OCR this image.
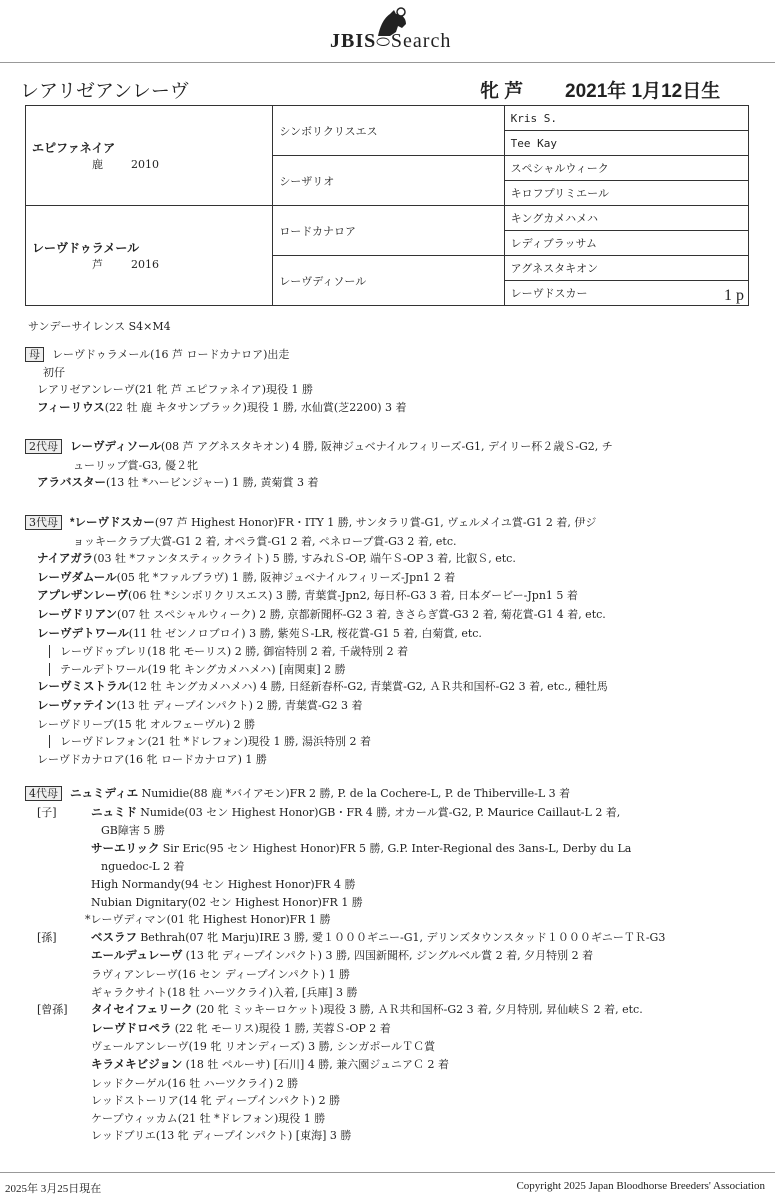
JBIS⬭Search
レアリゼアンレーヴ	牝 芦 2021年 1月12日生
エピファネイア
鹿 2010	シンボリクリスエス	Kris S.
		Tee Kay
	シーザリオ	スペシャルウィーク
		キロフプリミエール

レーヴドゥラメール
芦 2016	ロードカナロア	キングカメハメハ
		レディブラッサム
	レーヴディソール	アグネスタキオン
		レーヴドスカー 1 p
サンデーサイレンス S4×M4
母 レーヴドゥラメール(16 芦 ロードカナロア)出走
初仔
レアリゼアンレーヴ(21 牝 芦 エピファネイア)現役 1 勝
フィーリウス(22 牡 鹿 キタサンブラック)現役 1 勝, 水仙賞(芝2200) 3 着
2代母 レーヴディソール(08 芦 アグネスタキオン) 4 勝, 阪神ジュベナイルフィリーズ-G1, デイリー杯２歳Ｓ-G2, チ
ューリップ賞-G3, 優２牝
アラバスター(13 牡 *ハービンジャー) 1 勝, 黄菊賞 3 着
3代母 *レーヴドスカー(97 芦 Highest Honor)FR・ITY 1 勝, サンタラリ賞-G1, ヴェルメイユ賞-G1 2 着, 伊ジ
ョッキークラブ大賞-G1 2 着, オペラ賞-G1 2 着, ペネロープ賞-G3 2 着, etc.
ナイアガラ(03 牡 *ファンタスティックライト) 5 勝, すみれＳ-OP, 端午Ｓ-OP 3 着, 比叡Ｓ, etc.
レーヴダムール(05 牝 *ファルブラヴ) 1 勝, 阪神ジュベナイルフィリーズ-Jpn1 2 着
アプレザンレーヴ(06 牡 *シンボリクリスエス) 3 勝, 青葉賞-Jpn2, 毎日杯-G3 3 着, 日本ダービー-Jpn1 5 着
レーヴドリアン(07 牡 スペシャルウィーク) 2 勝, 京都新聞杯-G2 3 着, きさらぎ賞-G3 2 着, 菊花賞-G1 4 着, etc.
レーヴデトワール(11 牡 ゼンノロブロイ) 3 勝, 紫苑Ｓ-LR, 桜花賞-G1 5 着, 白菊賞, etc.
レーヴドゥプレリ(18 牝 モーリス) 2 勝, 御宿特別 2 着, 千歳特別 2 着
テールデトワール(19 牝 キングカメハメハ) [南関東] 2 勝
レーヴミストラル(12 牡 キングカメハメハ) 4 勝, 日経新春杯-G2, 青葉賞-G2, ＡＲ共和国杯-G2 3 着, etc., 種牡馬
レーヴァテイン(13 牡 ディープインパクト) 2 勝, 青葉賞-G2 3 着
レーヴドリーブ(15 牝 オルフェーヴル) 2 勝
レーヴドレフォン(21 牡 *ドレフォン)現役 1 勝, 湯浜特別 2 着
レーヴドカナロア(16 牝 ロードカナロア) 1 勝
4代母 ニュミディエ Numidie(88 鹿 *バイアモン)FR 2 勝, P. de la Cochere-L, P. de Thiberville-L 3 着
[子]	ニュミド Numide(03 セン Highest Honor)GB・FR 4 勝, オカール賞-G2, P. Maurice Caillaut-L 2 着,
GB障害 5 勝
サーエリック Sir Eric(95 セン Highest Honor)FR 5 勝, G.P. Inter-Regional des 3ans-L, Derby du La
nguedoc-L 2 着
High Normandy(94 セン Highest Honor)FR 4 勝
Nubian Dignitary(02 セン Highest Honor)FR 1 勝
*レーヴディマン(01 牝 Highest Honor)FR 1 勝
[孫]	ベスラフ Bethrah(07 牝 Marju)IRE 3 勝, 愛１０００ギニー-G1, デリンズタウンスタッド１０００ギニーＴＲ-G3
エールデュレーヴ (13 牝 ディープインパクト) 3 勝, 四国新聞杯, ジングルベル賞 2 着, 夕月特別 2 着
ラヴィアンレーヴ(16 セン ディープインパクト) 1 勝
ギャラクサイト(18 牡 ハーツクライ)入着, [兵庫] 3 勝
[曾孫] タイセイフェリーク (20 牝 ミッキーロケット)現役 3 勝, ＡＲ共和国杯-G2 3 着, 夕月特別, 昇仙峡Ｓ 2 着, etc.
レーヴドロペラ (22 牝 モーリス)現役 1 勝, 芙蓉Ｓ-OP 2 着
ヴェールアンレーヴ(19 牝 リオンディーズ) 3 勝, シンガポールＴＣ賞
キラメキビジョン (18 牡 ペルーサ) [石川] 4 勝, 兼六園ジュニアＣ 2 着
レッドクーゲル(16 牡 ハーツクライ) 2 勝
レッドストーリア(14 牝 ディープインパクト) 2 勝
ケープウィッカム(21 牡 *ドレフォン)現役 1 勝
レッドブリエ(13 牝 ディープインパクト) [東海] 3 勝
2025年 3月25日現在	Copyright 2025 Japan Bloodhorse Breeders' Association
